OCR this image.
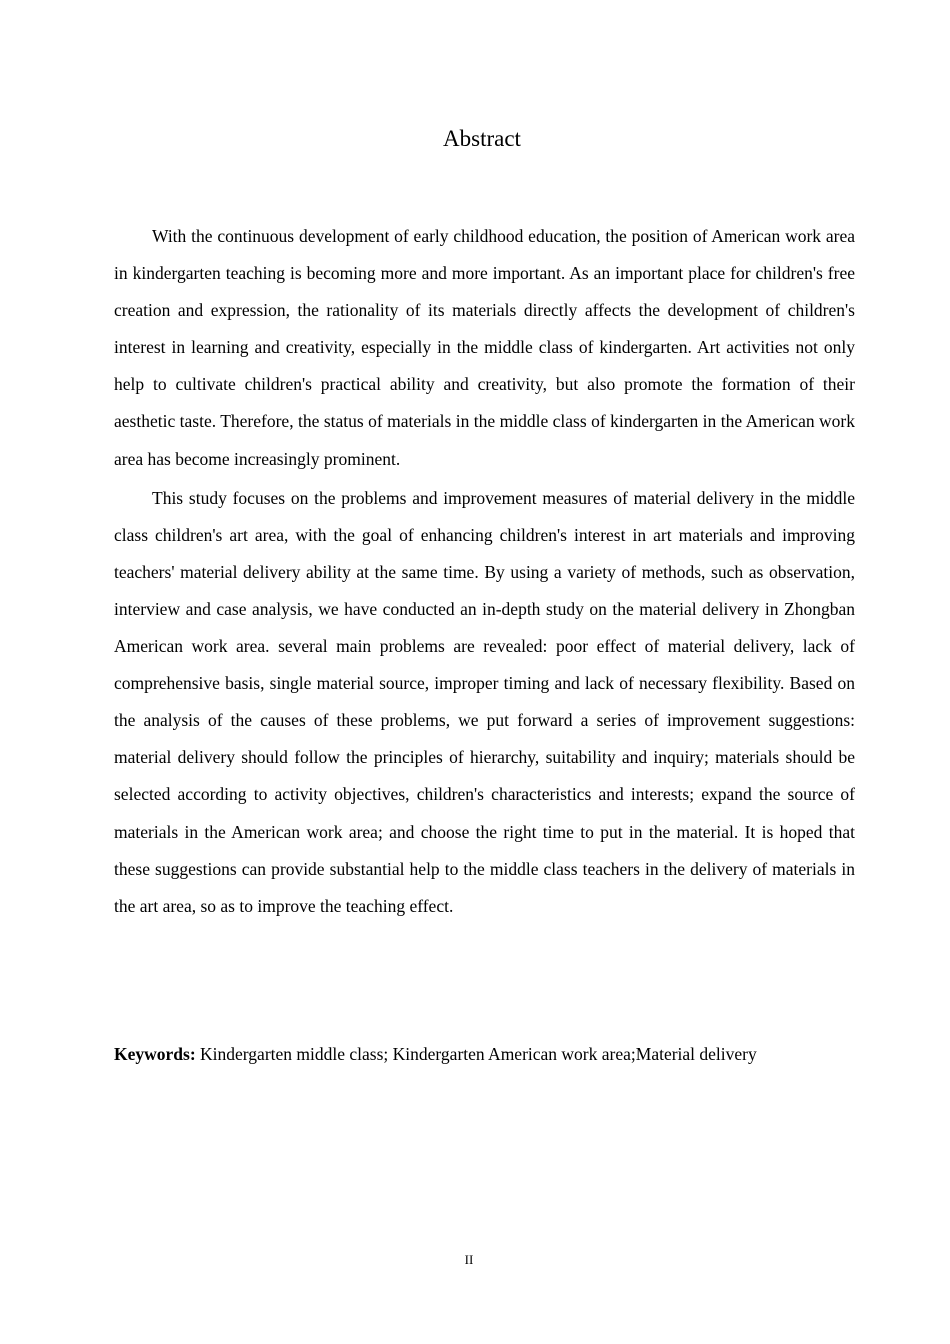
Abstract

With the continuous development of early childhood education, the position of American work area in kindergarten teaching is becoming more and more important. As an important place for children's free creation and expression, the rationality of its materials directly affects the development of children's interest in learning and creativity, especially in the middle class of kindergarten. Art activities not only help to cultivate children's practical ability and creativity, but also promote the formation of their aesthetic taste. Therefore, the status of materials in the middle class of kindergarten in the American work area has become increasingly prominent.

This study focuses on the problems and improvement measures of material delivery in the middle class children's art area, with the goal of enhancing children's interest in art materials and improving teachers' material delivery ability at the same time. By using a variety of methods, such as observation, interview and case analysis, we have conducted an in-depth study on the material delivery in Zhongban American work area. several main problems are revealed: poor effect of material delivery, lack of comprehensive basis, single material source, improper timing and lack of necessary flexibility. Based on the analysis of the causes of these problems, we put forward a series of improvement suggestions: material delivery should follow the principles of hierarchy, suitability and inquiry; materials should be selected according to activity objectives, children's characteristics and interests; expand the source of materials in the American work area; and choose the right time to put in the material. It is hoped that these suggestions can provide substantial help to the middle class teachers in the delivery of materials in the art area, so as to improve the teaching effect.

Keywords: Kindergarten middle class; Kindergarten American work area;Material delivery

II
